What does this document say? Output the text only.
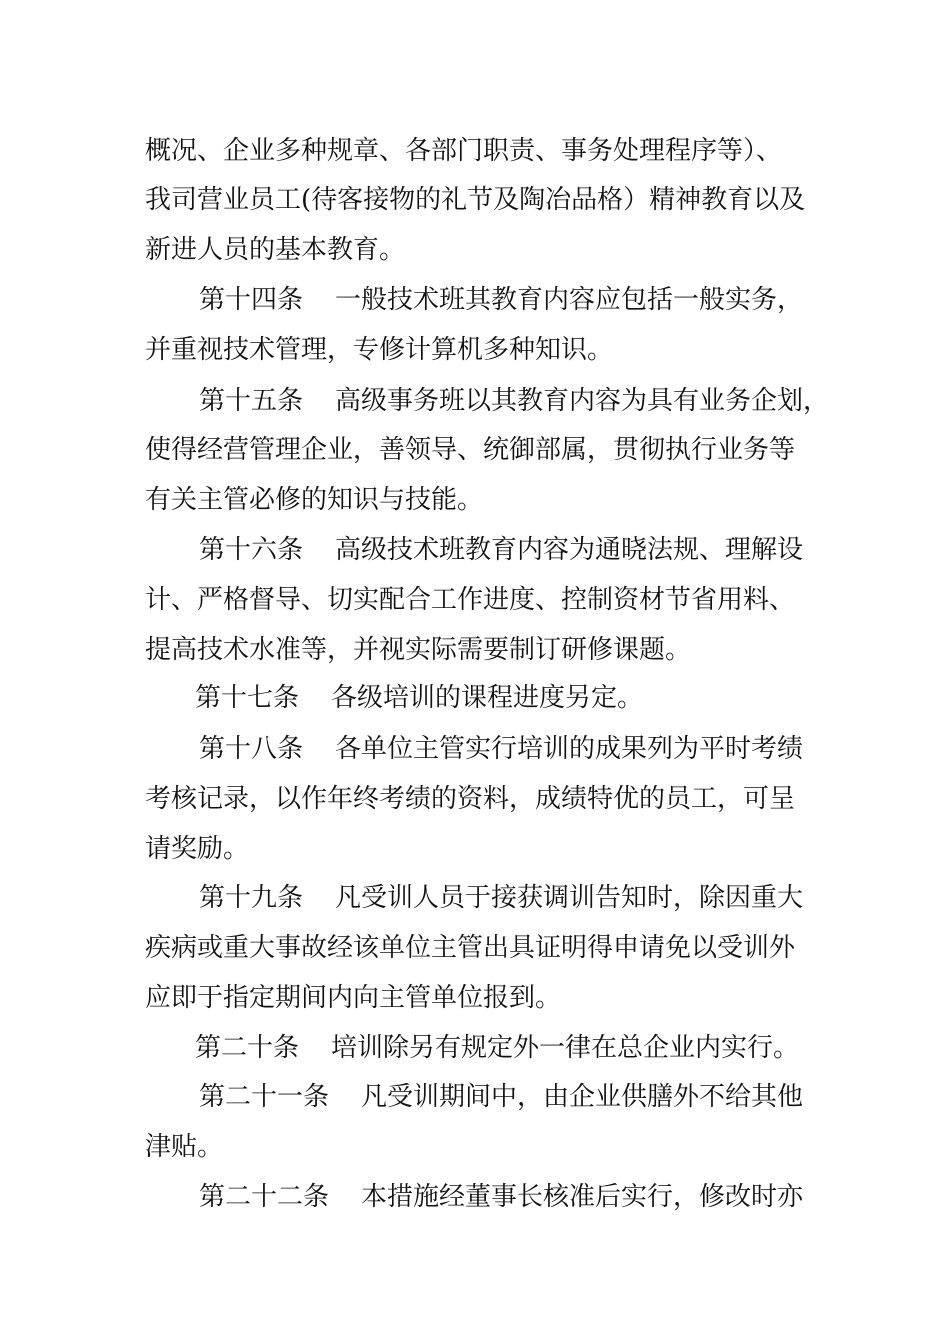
概况、企业多种规章、各部门职责、事务处理程序等）、
我司营业员工(待客接物的礼节及陶冶品格）精神教育以及
新进人员的基本教育。
第十四条 一般技术班其教育内容应包括一般实务，
并重视技术管理，专修计算机多种知识。
第十五条 高级事务班以其教育内容为具有业务企划，
使得经营管理企业，善领导、统御部属，贯彻执行业务等
有关主管必修的知识与技能。
第十六条 高级技术班教育内容为通晓法规、理解设
计、严格督导、切实配合工作进度、控制资材节省用料、
提高技术水准等，并视实际需要制订研修课题。
第十七条 各级培训的课程进度另定。
第十八条 各单位主管实行培训的成果列为平时考绩
考核记录，以作年终考绩的资料，成绩特优的员工，可呈
请奖励。
第十九条 凡受训人员于接获调训告知时，除因重大
疾病或重大事故经该单位主管出具证明得申请免以受训外
应即于指定期间内向主管单位报到。
第二十条 培训除另有规定外一律在总企业内实行。
第二十一条 凡受训期间中，由企业供膳外不给其他
津贴。
第二十二条 本措施经董事长核准后实行，修改时亦
